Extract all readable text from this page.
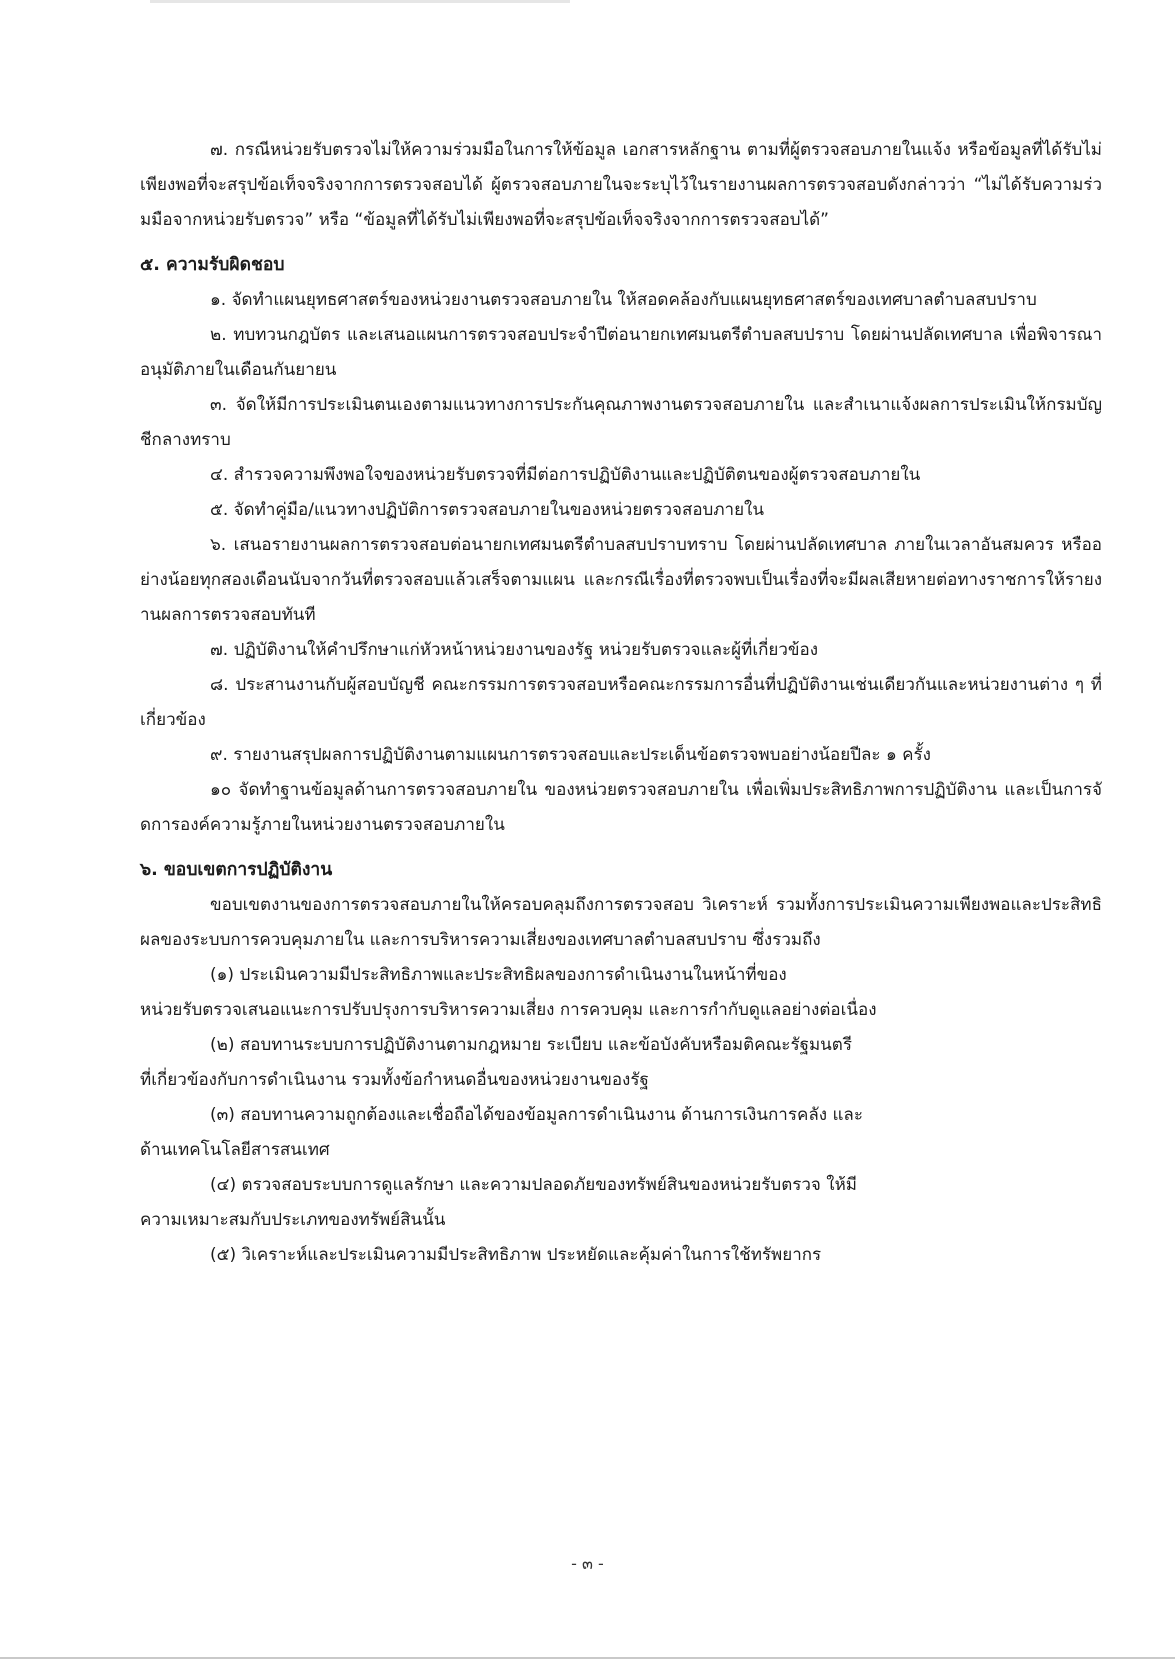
๗. กรณีหน่วยรับตรวจไม่ให้ความร่วมมือในการให้ข้อมูล เอกสารหลักฐาน ตามที่ผู้ตรวจสอบภายในแจ้ง หรือข้อมูลที่ได้รับไม่เพียงพอที่จะสรุปข้อเท็จจริงจากการตรวจสอบได้ ผู้ตรวจสอบภายในจะระบุไว้ในรายงานผลการตรวจสอบดังกล่าวว่า “ไม่ได้รับความร่วมมือจากหน่วยรับตรวจ” หรือ “ข้อมูลที่ได้รับไม่เพียงพอที่จะสรุปข้อเท็จจริงจากการตรวจสอบได้”

๕. ความรับผิดชอบ

๑. จัดทำแผนยุทธศาสตร์ของหน่วยงานตรวจสอบภายใน ให้สอดคล้องกับแผนยุทธศาสตร์ของเทศบาลตำบลสบปราบ

๒. ทบทวนกฎบัตร และเสนอแผนการตรวจสอบประจำปีต่อนายกเทศมนตรีตำบลสบปราบ โดยผ่านปลัดเทศบาล เพื่อพิจารณาอนุมัติภายในเดือนกันยายน

๓. จัดให้มีการประเมินตนเองตามแนวทางการประกันคุณภาพงานตรวจสอบภายใน และสำเนาแจ้งผลการประเมินให้กรมบัญชีกลางทราบ

๔. สำรวจความพึงพอใจของหน่วยรับตรวจที่มีต่อการปฏิบัติงานและปฏิบัติตนของผู้ตรวจสอบภายใน

๕. จัดทำคู่มือ/แนวทางปฏิบัติการตรวจสอบภายในของหน่วยตรวจสอบภายใน

๖. เสนอรายงานผลการตรวจสอบต่อนายกเทศมนตรีตำบลสบปราบทราบ โดยผ่านปลัดเทศบาล ภายในเวลาอันสมควร หรืออย่างน้อยทุกสองเดือนนับจากวันที่ตรวจสอบแล้วเสร็จตามแผน และกรณีเรื่องที่ตรวจพบเป็นเรื่องที่จะมีผลเสียหายต่อทางราชการให้รายงานผลการตรวจสอบทันที

๗. ปฏิบัติงานให้คำปรึกษาแก่หัวหน้าหน่วยงานของรัฐ หน่วยรับตรวจและผู้ที่เกี่ยวข้อง

๘. ประสานงานกับผู้สอบบัญชี คณะกรรมการตรวจสอบหรือคณะกรรมการอื่นที่ปฏิบัติงานเช่นเดียวกันและหน่วยงานต่าง ๆ ที่เกี่ยวข้อง

๙. รายงานสรุปผลการปฏิบัติงานตามแผนการตรวจสอบและประเด็นข้อตรวจพบอย่างน้อยปีละ ๑ ครั้ง

๑๐ จัดทำฐานข้อมูลด้านการตรวจสอบภายใน ของหน่วยตรวจสอบภายใน เพื่อเพิ่มประสิทธิภาพการปฏิบัติงาน และเป็นการจัดการองค์ความรู้ภายในหน่วยงานตรวจสอบภายใน

๖. ขอบเขตการปฏิบัติงาน

ขอบเขตงานของการตรวจสอบภายในให้ครอบคลุมถึงการตรวจสอบ วิเคราะห์ รวมทั้งการประเมินความเพียงพอและประสิทธิผลของระบบการควบคุมภายใน และการบริหารความเสี่ยงของเทศบาลตำบลสบปราบ ซึ่งรวมถึง

(๑) ประเมินความมีประสิทธิภาพและประสิทธิผลของการดำเนินงานในหน้าที่ของ
หน่วยรับตรวจเสนอแนะการปรับปรุงการบริหารความเสี่ยง การควบคุม และการกำกับดูแลอย่างต่อเนื่อง
(๒) สอบทานระบบการปฏิบัติงานตามกฎหมาย ระเบียบ และข้อบังคับหรือมติคณะรัฐมนตรี
ที่เกี่ยวข้องกับการดำเนินงาน รวมทั้งข้อกำหนดอื่นของหน่วยงานของรัฐ
(๓) สอบทานความถูกต้องและเชื่อถือได้ของข้อมูลการดำเนินงาน ด้านการเงินการคลัง และ
ด้านเทคโนโลยีสารสนเทศ
(๔) ตรวจสอบระบบการดูแลรักษา และความปลอดภัยของทรัพย์สินของหน่วยรับตรวจ ให้มี
ความเหมาะสมกับประเภทของทรัพย์สินนั้น
(๕) วิเคราะห์และประเมินความมีประสิทธิภาพ ประหยัดและคุ้มค่าในการใช้ทรัพยากร
- ๓ -
